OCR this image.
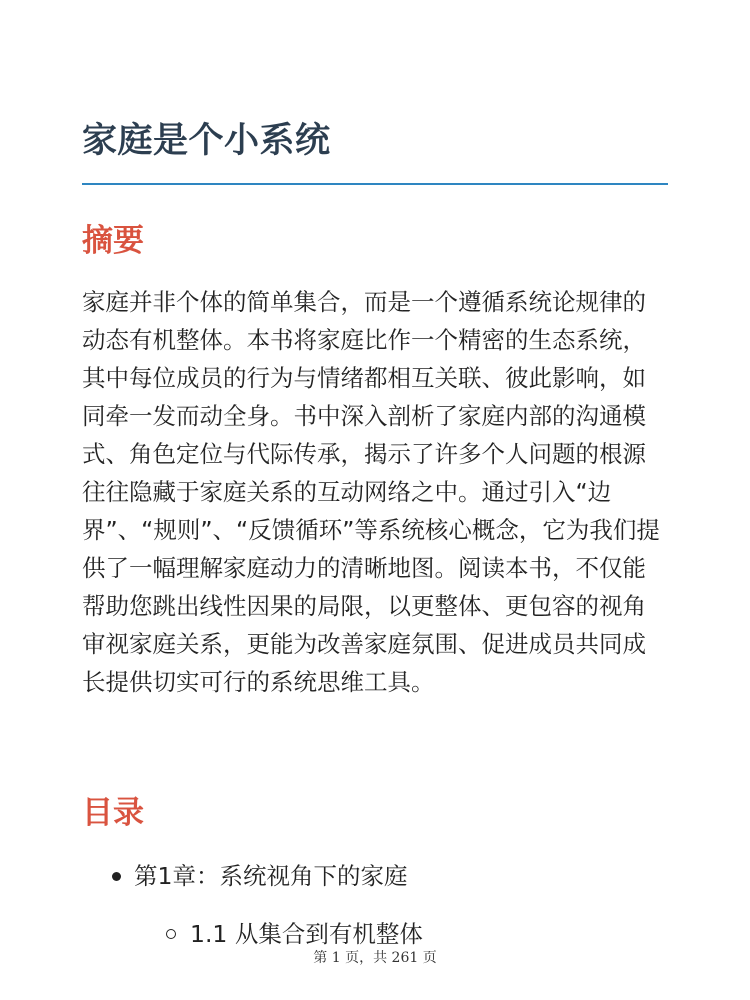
家庭是个小系统
摘要

家庭并非个体的简单集合，而是一个遵循系统论规律的动态有机整体。本书将家庭比作一个精密的生态系统，其中每位成员的行为与情绪都相互关联、彼此影响，如同牵一发而动全身。书中深入剖析了家庭内部的沟通模式、角色定位与代际传承，揭示了许多个人问题的根源往往隐藏于家庭关系的互动网络之中。通过引入“边界”、“规则”、“反馈循环”等系统核心概念，它为我们提供了一幅理解家庭动力的清晰地图。阅读本书，不仅能帮助您跳出线性因果的局限，以更整体、更包容的视角审视家庭关系，更能为改善家庭氛围、促进成员共同成长提供切实可行的系统思维工具。

目录
第1章：系统视角下的家庭
1.1 从集合到有机整体
第 1 页，共 261 页
